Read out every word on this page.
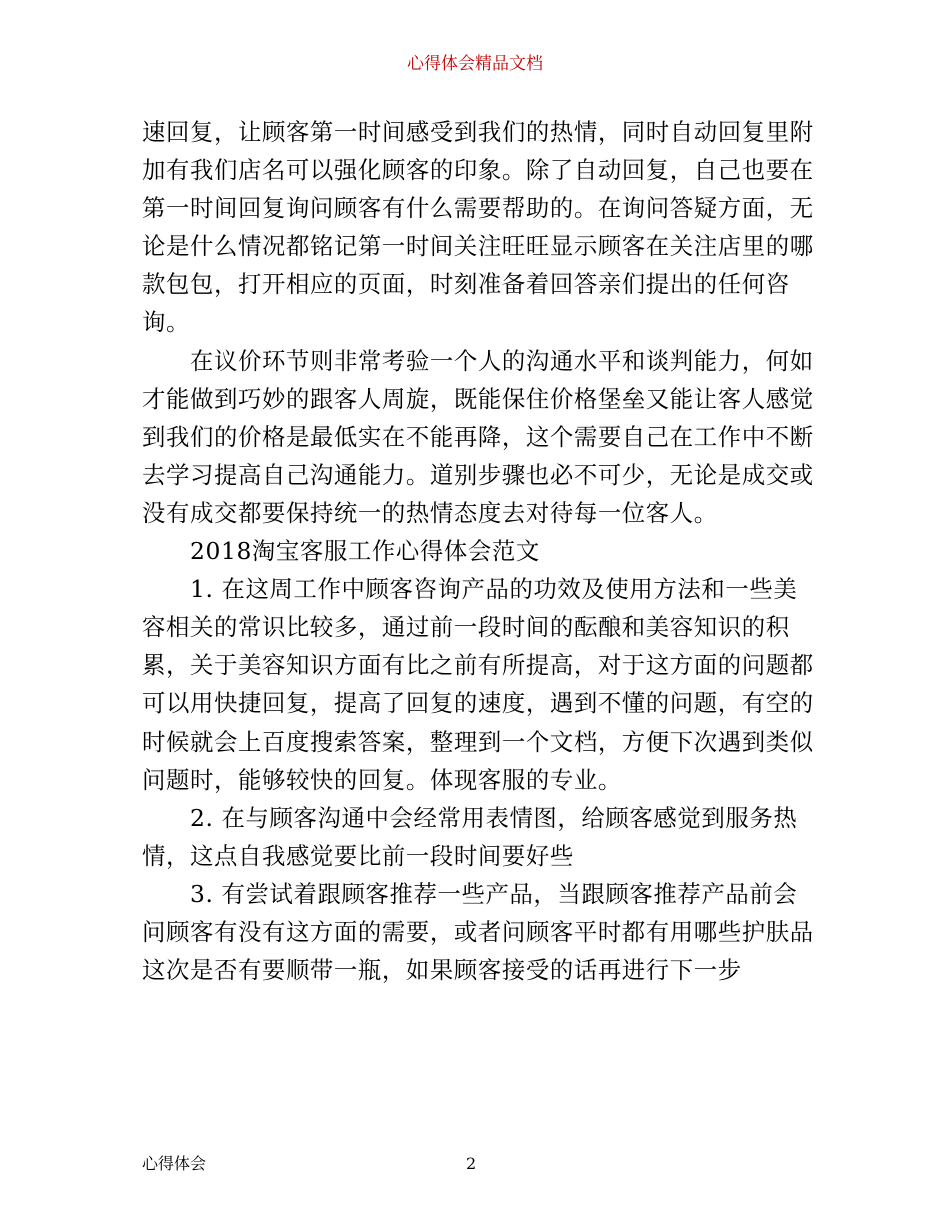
心得体会精品文档

速回复，让顾客第一时间感受到我们的热情，同时自动回复里附加有我们店名可以强化顾客的印象。除了自动回复，自己也要在第一时间回复询问顾客有什么需要帮助的。在询问答疑方面，无论是什么情况都铭记第一时间关注旺旺显示顾客在关注店里的哪款包包，打开相应的页面，时刻准备着回答亲们提出的任何咨询。

在议价环节则非常考验一个人的沟通水平和谈判能力，何如才能做到巧妙的跟客人周旋，既能保住价格堡垒又能让客人感觉到我们的价格是最低实在不能再降，这个需要自己在工作中不断去学习提高自己沟通能力。道别步骤也必不可少，无论是成交或没有成交都要保持统一的热情态度去对待每一位客人。

2018淘宝客服工作心得体会范文

1. 在这周工作中顾客咨询产品的功效及使用方法和一些美容相关的常识比较多，通过前一段时间的酝酿和美容知识的积累，关于美容知识方面有比之前有所提高，对于这方面的问题都可以用快捷回复，提高了回复的速度，遇到不懂的问题，有空的时候就会上百度搜索答案，整理到一个文档，方便下次遇到类似问题时，能够较快的回复。体现客服的专业。

2. 在与顾客沟通中会经常用表情图，给顾客感觉到服务热情，这点自我感觉要比前一段时间要好些

3. 有尝试着跟顾客推荐一些产品，当跟顾客推荐产品前会问顾客有没有这方面的需要，或者问顾客平时都有用哪些护肤品这次是否有要顺带一瓶，如果顾客接受的话再进行下一步

心得体会	2
